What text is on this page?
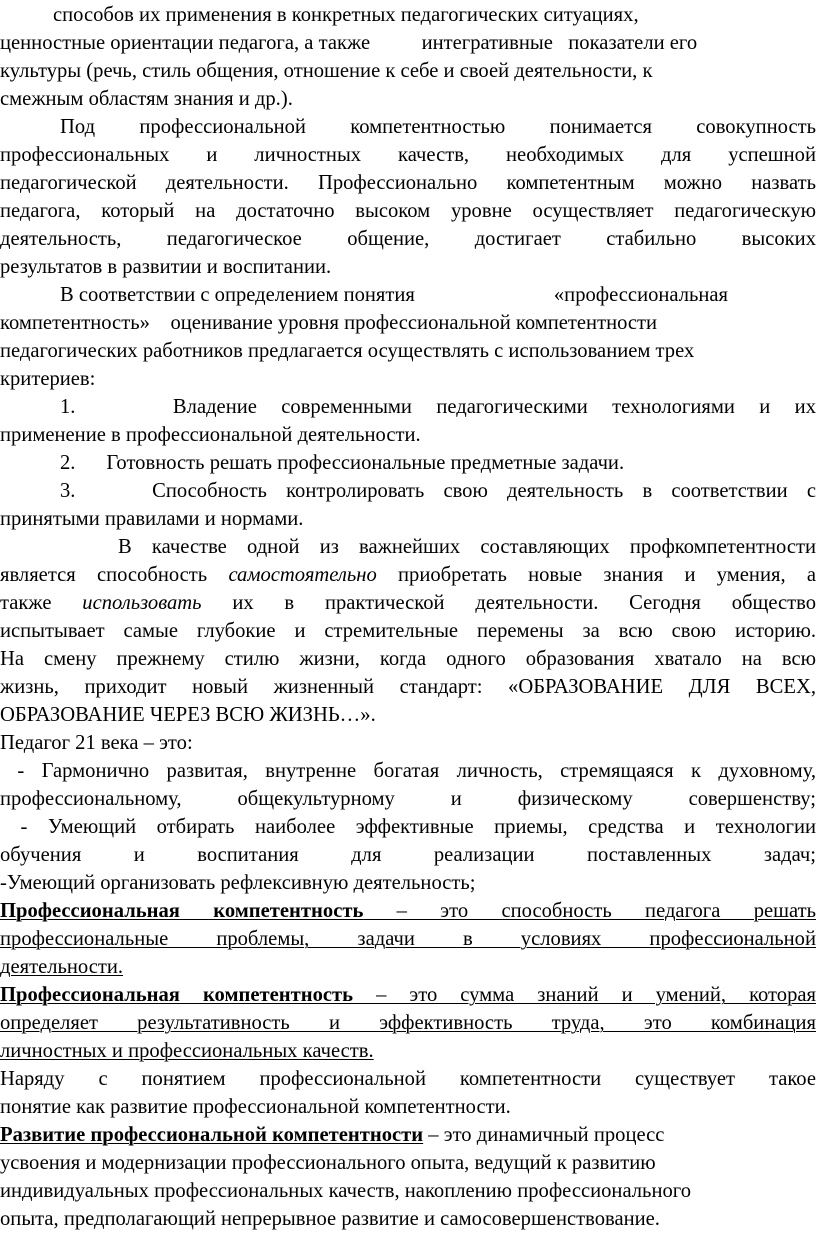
способов их применения в конкретных педагогических ситуациях,

ценностные ориентации педагога, а также          интегративные   показатели его

культуры (речь, стиль общения, отношение к себе и своей деятельности, к

смежным областям знания и др.).

Под профессиональной компетентностью понимается совокупность

профессиональных и личностных качеств, необходимых для успешной

педагогической деятельности. Профессионально компетентным можно назвать

педагога, который на достаточно высоком уровне осуществляет педагогическую

деятельность, педагогическое общение, достигает стабильно высоких

результатов в развитии и воспитании.

В соответствии с определением понятия                           «профессиональная

компетентность»    оценивание уровня профессиональной компетентности

педагогических работников предлагается осуществлять с использованием трех

критериев:

1.    Владение современными педагогическими технологиями и их

применение в профессиональной деятельности.

2.      Готовность решать профессиональные предметные задачи.

3.    Способность контролировать свою деятельность в соответствии с

принятыми правилами и нормами.

В качестве одной из важнейших составляющих профкомпетентности

является способность самостоятельно приобретать новые знания и умения, а

также использовать их в практической деятельности. Сегодня общество

испытывает самые глубокие и стремительные перемены за всю свою историю.

На смену прежнему стилю жизни, когда одного образования хватало на всю

жизнь, приходит новый жизненный стандарт: «ОБРАЗОВАНИЕ ДЛЯ ВСЕХ,

ОБРАЗОВАНИЕ ЧЕРЕЗ ВСЮ ЖИЗНЬ…».

Педагог 21 века – это:

- Гармонично развитая, внутренне богатая личность, стремящаяся к духовному,

профессиональному, общекультурному и физическому совершенству;

- Умеющий отбирать наиболее эффективные приемы, средства и технологии

обучения и воспитания для реализации поставленных задач;

-Умеющий организовать рефлексивную деятельность;

Профессиональная компетентность – это способность педагога решать

профессиональные проблемы, задачи в условиях профессиональной

деятельности.

Профессиональная компетентность – это сумма знаний и умений, которая

определяет результативность и эффективность труда, это комбинация

личностных и профессиональных качеств.

Наряду с понятием профессиональной компетентности существует такое

понятие как развитие профессиональной компетентности.

Развитие профессиональной компетентности – это динамичный процесс

усвоения и модернизации профессионального опыта, ведущий к развитию

индивидуальных профессиональных качеств, накоплению профессионального

опыта, предполагающий непрерывное развитие и самосовершенствование.
